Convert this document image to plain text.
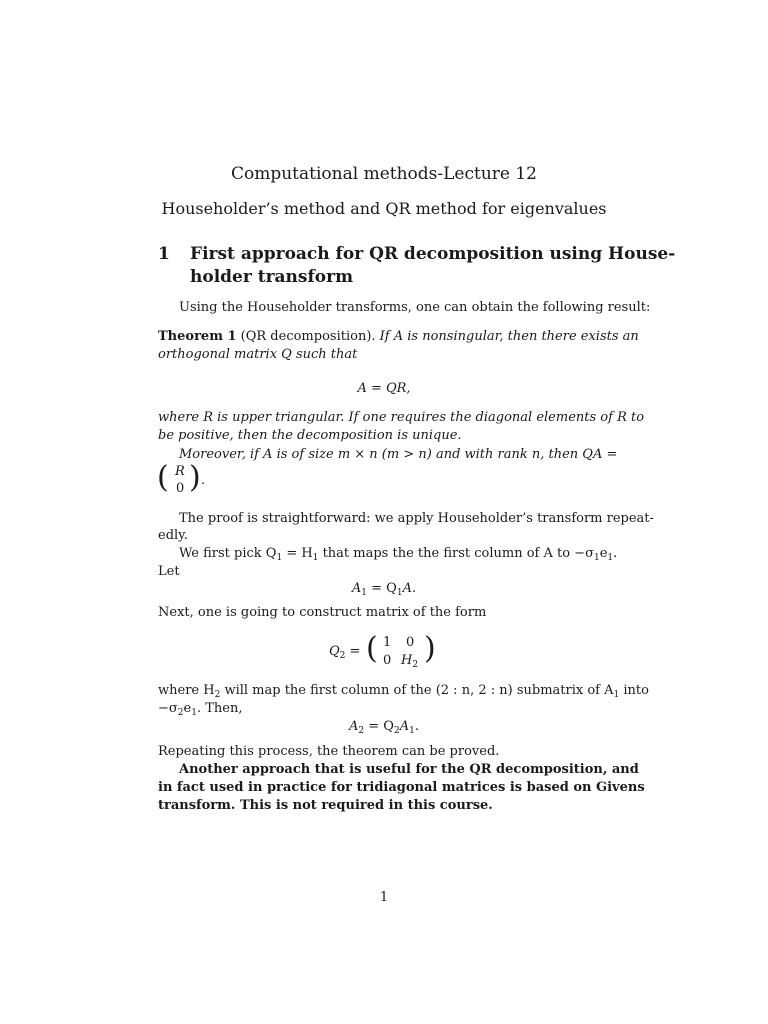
Computational methods-Lecture 12
Householder’s method and QR method for eigenvalues
1 First approach for QR decomposition using House-
holder transform
Using the Householder transforms, one can obtain the following result:
Theorem 1 (QR decomposition). If A is nonsingular, then there exists an
orthogonal matrix Q such that
A = QR,
where R is upper triangular. If one requires the diagonal elements of R to
be positive, then the decomposition is unique.
Moreover, if A is of size m × n (m > n) and with rank n, then QA =
( R
0 ) .
The proof is straightforward: we apply Householder’s transform repeat-
edly.
We first pick $Q_1 = H_1$ that maps the the first column of A to $-\sigma_1e_1$.
Let
$A_1 = Q_1A$.
Next, one is going to construct matrix of the form
$Q_2$ = ( 1 0
0 $H_2$ )
where $H_2$ will map the first column of the (2 : n, 2 : n) submatrix of $A_1$ into
$-\sigma_2e_1$. Then,
$A_2 = Q_2A_1$.
Repeating this process, the theorem can be proved.
Another approach that is useful for the QR decomposition, and
in fact used in practice for tridiagonal matrices is based on Givens
transform. This is not required in this course.
1
